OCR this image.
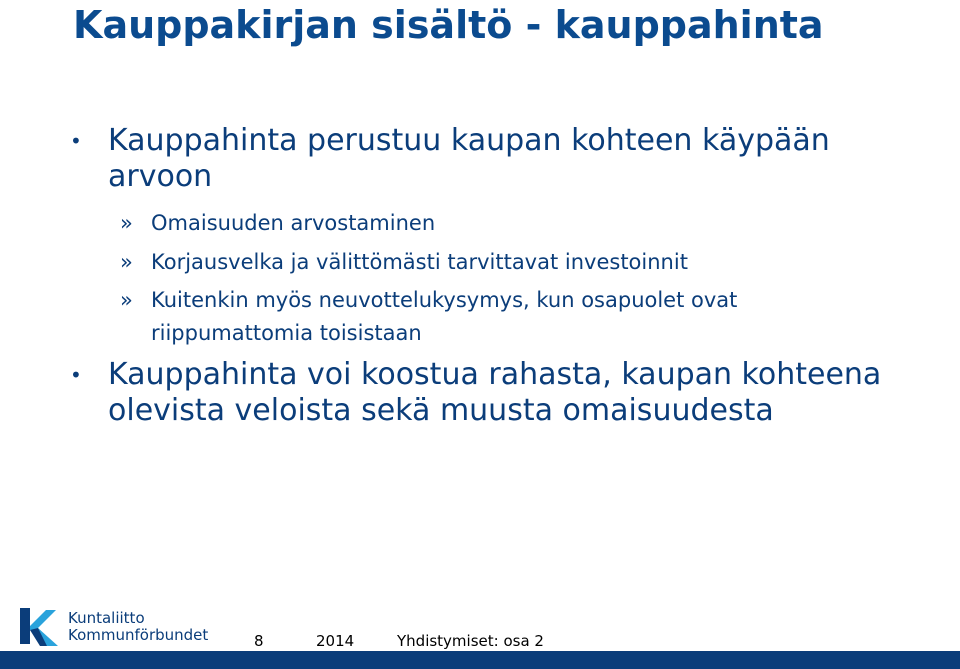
Kauppakirjan sisältö - kauppahinta
• Kauppahinta perustuu kaupan kohteen käypään arvoon

» Omaisuuden arvostaminen

» Korjausvelka ja välittömästi tarvittavat investoinnit

» Kuitenkin myös neuvottelukysymys, kun osapuolet ovat riippumattomia toisistaan

• Kauppahinta voi koostua rahasta, kaupan kohteena olevista veloista sekä muusta omaisuudesta

Kuntaliitto
Kommunförbundet	8	2014	Yhdistymiset: osa 2
